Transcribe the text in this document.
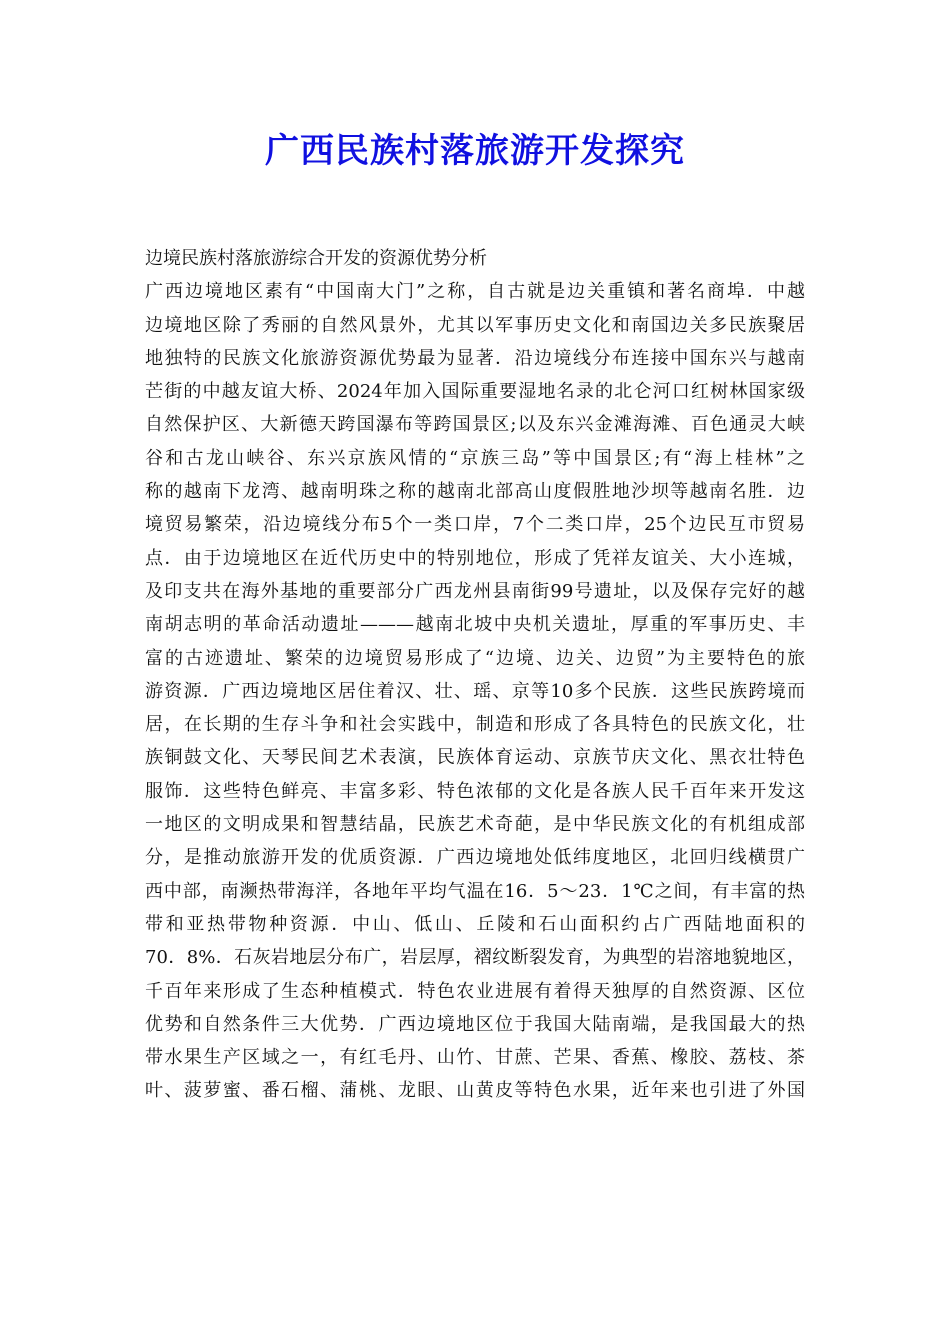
广西民族村落旅游开发探究

边境民族村落旅游综合开发的资源优势分析

广西边境地区素有“中国南大门”之称，自古就是边关重镇和著名商埠．中越

边境地区除了秀丽的自然风景外，尤其以军事历史文化和南国边关多民族聚居

地独特的民族文化旅游资源优势最为显著．沿边境线分布连接中国东兴与越南

芒街的中越友谊大桥、2024年加入国际重要湿地名录的北仑河口红树林国家级

自然保护区、大新德天跨国瀑布等跨国景区;以及东兴金滩海滩、百色通灵大峡

谷和古龙山峡谷、东兴京族风情的“京族三岛”等中国景区;有“海上桂林”之

称的越南下龙湾、越南明珠之称的越南北部高山度假胜地沙坝等越南名胜．边

境贸易繁荣，沿边境线分布5个一类口岸，7个二类口岸，25个边民互市贸易

点．由于边境地区在近代历史中的特别地位，形成了凭祥友谊关、大小连城，

及印支共在海外基地的重要部分广西龙州县南街99号遗址，以及保存完好的越

南胡志明的革命活动遗址———越南北坡中央机关遗址，厚重的军事历史、丰

富的古迹遗址、繁荣的边境贸易形成了“边境、边关、边贸”为主要特色的旅

游资源．广西边境地区居住着汉、壮、瑶、京等10多个民族．这些民族跨境而

居，在长期的生存斗争和社会实践中，制造和形成了各具特色的民族文化，壮

族铜鼓文化、天琴民间艺术表演，民族体育运动、京族节庆文化、黑衣壮特色

服饰．这些特色鲜亮、丰富多彩、特色浓郁的文化是各族人民千百年来开发这

一地区的文明成果和智慧结晶，民族艺术奇葩，是中华民族文化的有机组成部

分，是推动旅游开发的优质资源．广西边境地处低纬度地区，北回归线横贯广

西中部，南濒热带海洋，各地年平均气温在16．5～23．1℃之间，有丰富的热

带和亚热带物种资源．中山、低山、丘陵和石山面积约占广西陆地面积的

70．8%．石灰岩地层分布广，岩层厚，褶纹断裂发育，为典型的岩溶地貌地区，

千百年来形成了生态种植模式．特色农业进展有着得天独厚的自然资源、区位

优势和自然条件三大优势．广西边境地区位于我国大陆南端，是我国最大的热

带水果生产区域之一，有红毛丹、山竹、甘蔗、芒果、香蕉、橡胶、荔枝、茶

叶、菠萝蜜、番石榴、蒲桃、龙眼、山黄皮等特色水果，近年来也引进了外国
